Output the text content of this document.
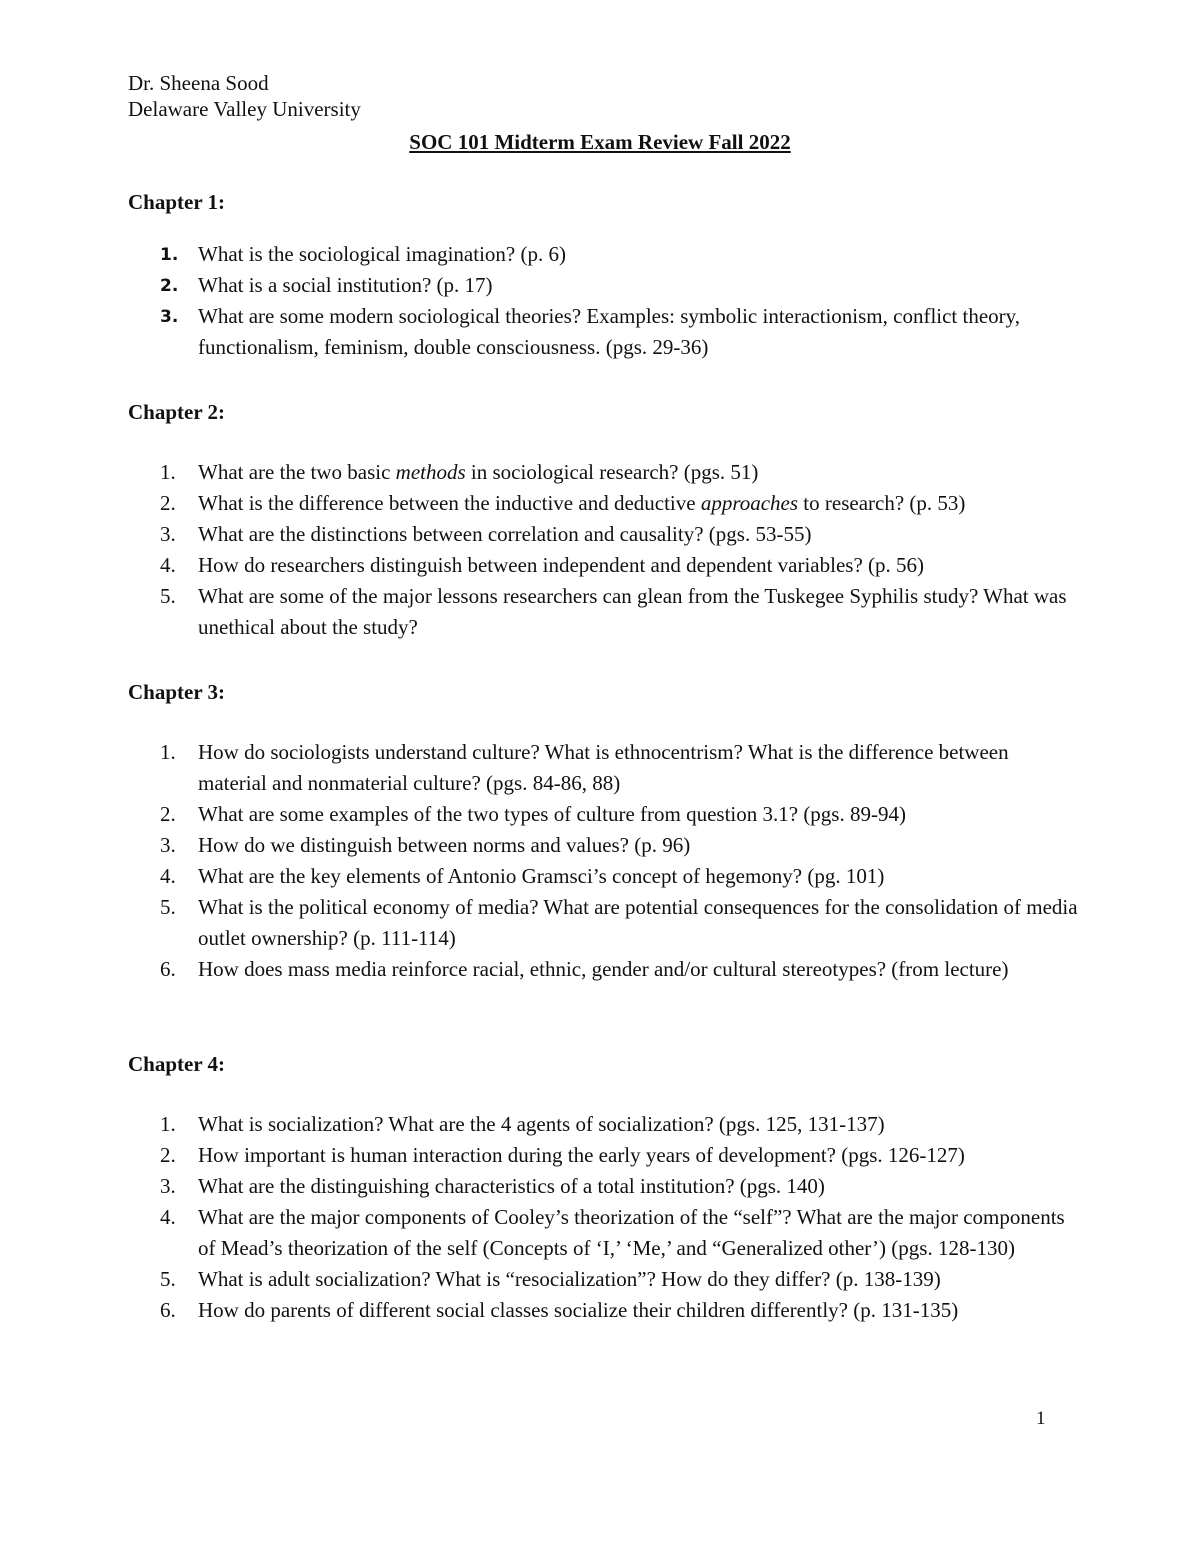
Dr. Sheena Sood
Delaware Valley University
SOC 101 Midterm Exam Review Fall 2022
Chapter 1:
1. What is the sociological imagination? (p. 6)
2. What is a social institution? (p. 17)
3. What are some modern sociological theories? Examples: symbolic interactionism, conflict theory, functionalism, feminism, double consciousness. (pgs. 29-36)
Chapter 2:
1.	What are the two basic methods in sociological research? (pgs. 51)
2.	What is the difference between the inductive and deductive approaches to research? (p. 53)
3.	What are the distinctions between correlation and causality? (pgs. 53-55)
4.	How do researchers distinguish between independent and dependent variables? (p. 56)
5.	What are some of the major lessons researchers can glean from the Tuskegee Syphilis study? What was unethical about the study?
Chapter 3:
1.	How do sociologists understand culture? What is ethnocentrism? What is the difference between material and nonmaterial culture? (pgs. 84-86, 88)
2.	What are some examples of the two types of culture from question 3.1? (pgs. 89-94)
3.	How do we distinguish between norms and values? (p. 96)
4.	What are the key elements of Antonio Gramsci’s concept of hegemony? (pg. 101)
5.	What is the political economy of media? What are potential consequences for the consolidation of media outlet ownership? (p. 111-114)
6.	How does mass media reinforce racial, ethnic, gender and/or cultural stereotypes? (from lecture)
Chapter 4:
1.	What is socialization? What are the 4 agents of socialization? (pgs. 125, 131-137)
2.	How important is human interaction during the early years of development? (pgs. 126-127)
3.	What are the distinguishing characteristics of a total institution? (pgs. 140)
4.	What are the major components of Cooley’s theorization of the “self”? What are the major components of Mead’s theorization of the self (Concepts of ‘I,’ ‘Me,’ and “Generalized other’) (pgs. 128-130)
5.	What is adult socialization? What is “resocialization”? How do they differ? (p. 138-139)
6.	How do parents of different social classes socialize their children differently? (p. 131-135)
1
